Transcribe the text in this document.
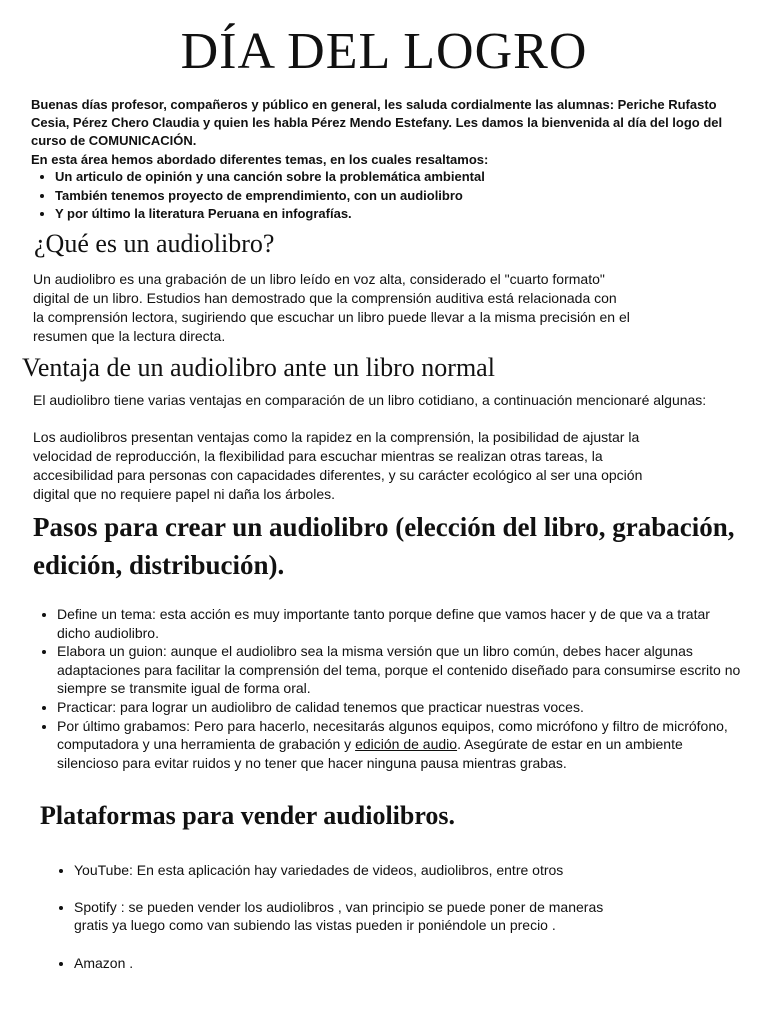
DÍA DEL LOGRO
Buenas días profesor, compañeros y público en general, les saluda cordialmente las alumnas: Periche Rufasto Cesia, Pérez Chero Claudia y quien les habla Pérez Mendo Estefany. Les damos la bienvenida al día del logo del curso de COMUNICACIÓN.
En esta área hemos abordado diferentes temas, en los cuales resaltamos:
• Un articulo de opinión y una canción sobre la problemática ambiental
• También tenemos proyecto de emprendimiento, con un audiolibro
• Y por último la literatura Peruana en infografías.
¿Qué es un audiolibro?

Un audiolibro es una grabación de un libro leído en voz alta, considerado el "cuarto formato"
digital de un libro. Estudios han demostrado que la comprensión auditiva está relacionada con
la comprensión lectora, sugiriendo que escuchar un libro puede llevar a la misma precisión en el
resumen que la lectura directa.

Ventaja de un audiolibro ante un libro normal

El audiolibro tiene varias ventajas en comparación de un libro cotidiano, a continuación mencionaré algunas:

Los audiolibros presentan ventajas como la rapidez en la comprensión, la posibilidad de ajustar la
velocidad de reproducción, la flexibilidad para escuchar mientras se realizan otras tareas, la
accesibilidad para personas con capacidades diferentes, y su carácter ecológico al ser una opción
digital que no requiere papel ni daña los árboles.

Pasos para crear un audiolibro (elección del libro, grabación, edición, distribución).
• Define un tema: esta acción es muy importante tanto porque define que vamos hacer y de que va a tratar dicho audiolibro.
• Elabora un guion: aunque el audiolibro sea la misma versión que un libro común, debes hacer algunas adaptaciones para facilitar la comprensión del tema, porque el contenido diseñado para consumirse escrito no siempre se transmite igual de forma oral.
• Practicar: para lograr un audiolibro de calidad tenemos que practicar nuestras voces.
• Por último grabamos: Pero para hacerlo, necesitarás algunos equipos, como micrófono y filtro de micrófono, computadora y una herramienta de grabación y edición de audio. Asegúrate de estar en un ambiente silencioso para evitar ruidos y no tener que hacer ninguna pausa mientras grabas.
Plataformas para vender audiolibros.

• YouTube: En esta aplicación hay variedades de videos, audiolibros, entre otros

• Spotify : se pueden vender los audiolibros , van principio se puede poner de maneras
gratis ya luego como van subiendo las vistas pueden ir poniéndole un precio .

• Amazon .
